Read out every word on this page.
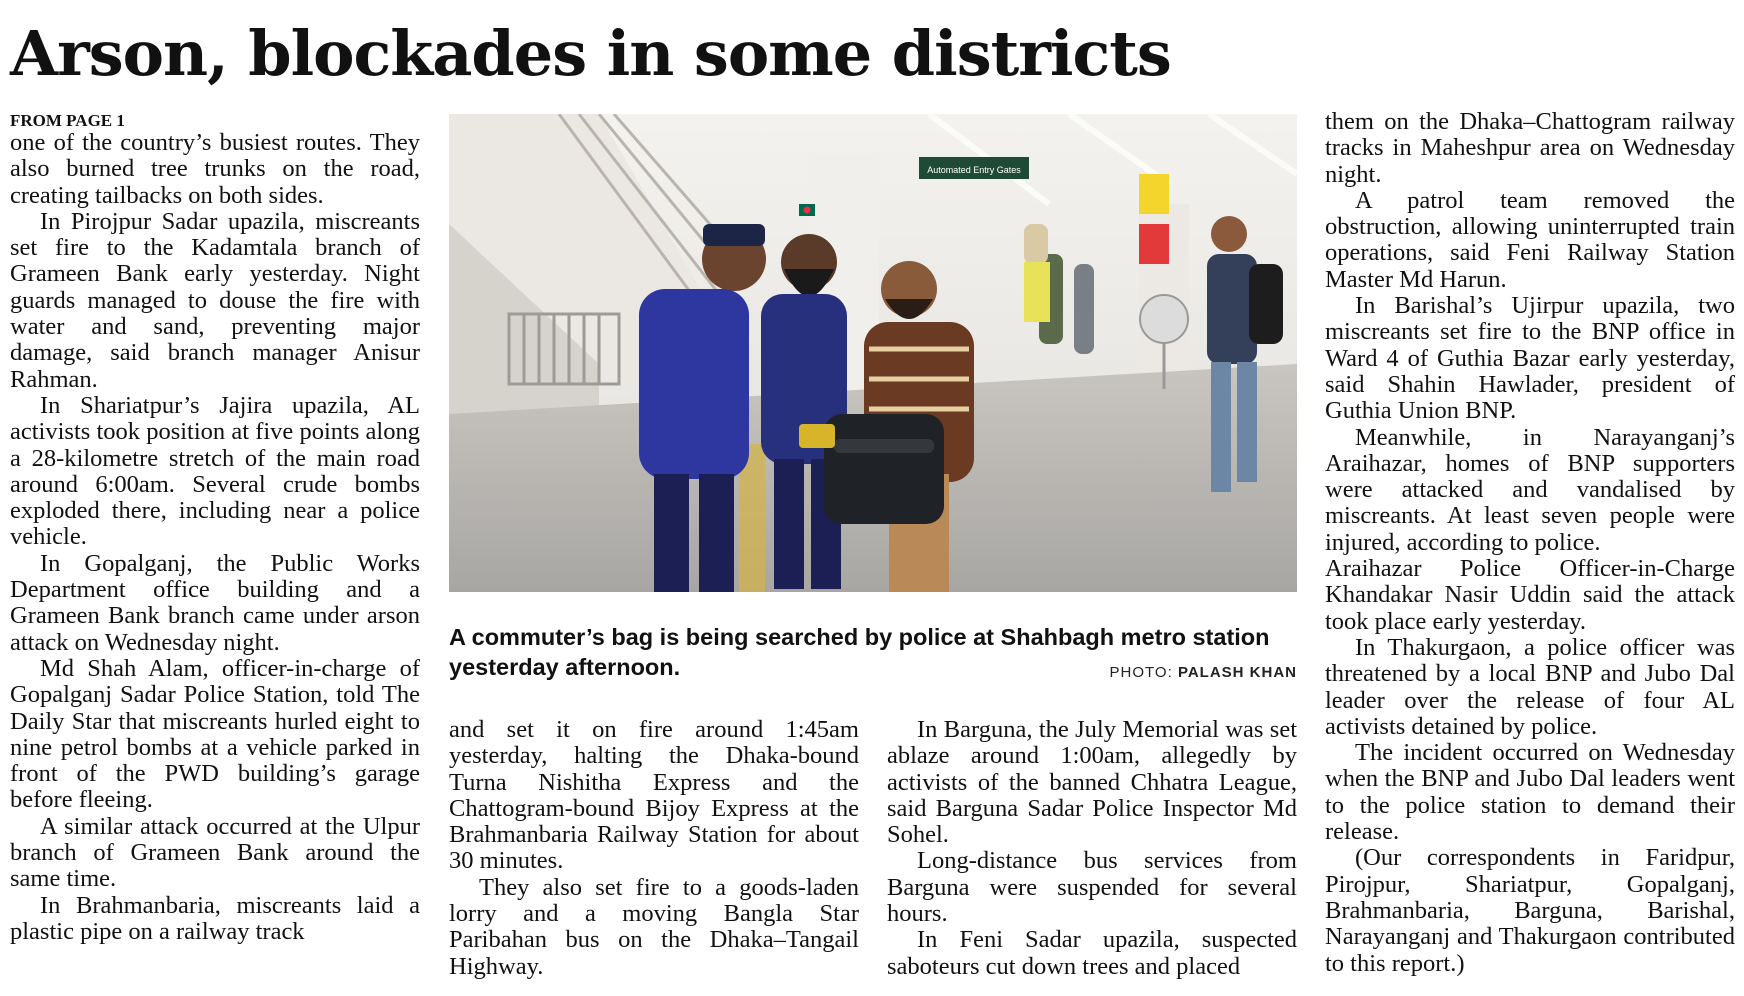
Arson, blockades in some districts
FROM PAGE 1

one of the country’s busiest routes. They also burned tree trunks on the road, creating tailbacks on both sides.

In Pirojpur Sadar upazila, miscreants set fire to the Kadamtala branch of Grameen Bank early yesterday. Night guards managed to douse the fire with water and sand, preventing major damage, said branch manager Anisur Rahman.

In Shariatpur’s Jajira upazila, AL activists took position at five points along a 28-kilometre stretch of the main road around 6:00am. Several crude bombs exploded there, including near a police vehicle.

In Gopalganj, the Public Works Department office building and a Grameen Bank branch came under arson attack on Wednesday night.

Md Shah Alam, officer-in-charge of Gopalganj Sadar Police Station, told The Daily Star that miscreants hurled eight to nine petrol bombs at a vehicle parked in front of the PWD building’s garage before fleeing.

A similar attack occurred at the Ulpur branch of Grameen Bank around the same time.

In Brahmanbaria, miscreants laid a plastic pipe on a railway track

Automated Entry Gates
A commuter’s bag is being searched by police at Shahbagh metro station yesterday afternoon.	PHOTO: PALASH KHAN

and set it on fire around 1:45am yesterday, halting the Dhaka-bound Turna Nishitha Express and the Chattogram-bound Bijoy Express at the Brahmanbaria Railway Station for about 30 minutes.

They also set fire to a goods-laden lorry and a moving Bangla Star Paribahan bus on the Dhaka–Tangail Highway.

In Barguna, the July Memorial was set ablaze around 1:00am, allegedly by activists of the banned Chhatra League, said Barguna Sadar Police Inspector Md Sohel.

Long-distance bus services from Barguna were suspended for several hours.

In Feni Sadar upazila, suspected saboteurs cut down trees and placed

them on the Dhaka–Chattogram railway tracks in Maheshpur area on Wednesday night.

A patrol team removed the obstruction, allowing uninterrupted train operations, said Feni Railway Station Master Md Harun.

In Barishal’s Ujirpur upazila, two miscreants set fire to the BNP office in Ward 4 of Guthia Bazar early yesterday, said Shahin Hawlader, president of Guthia Union BNP.

Meanwhile, in Narayanganj’s Araihazar, homes of BNP supporters were attacked and vandalised by miscreants. At least seven people were injured, according to police.

Araihazar Police Officer-in-Charge Khandakar Nasir Uddin said the attack took place early yesterday.

In Thakurgaon, a police officer was threatened by a local BNP and Jubo Dal leader over the release of four AL activists detained by police.

The incident occurred on Wednesday when the BNP and Jubo Dal leaders went to the police station to demand their release.

(Our correspondents in Faridpur, Pirojpur, Shariatpur, Gopalganj, Brahmanbaria, Barguna, Barishal, Narayanganj and Thakurgaon contributed to this report.)
